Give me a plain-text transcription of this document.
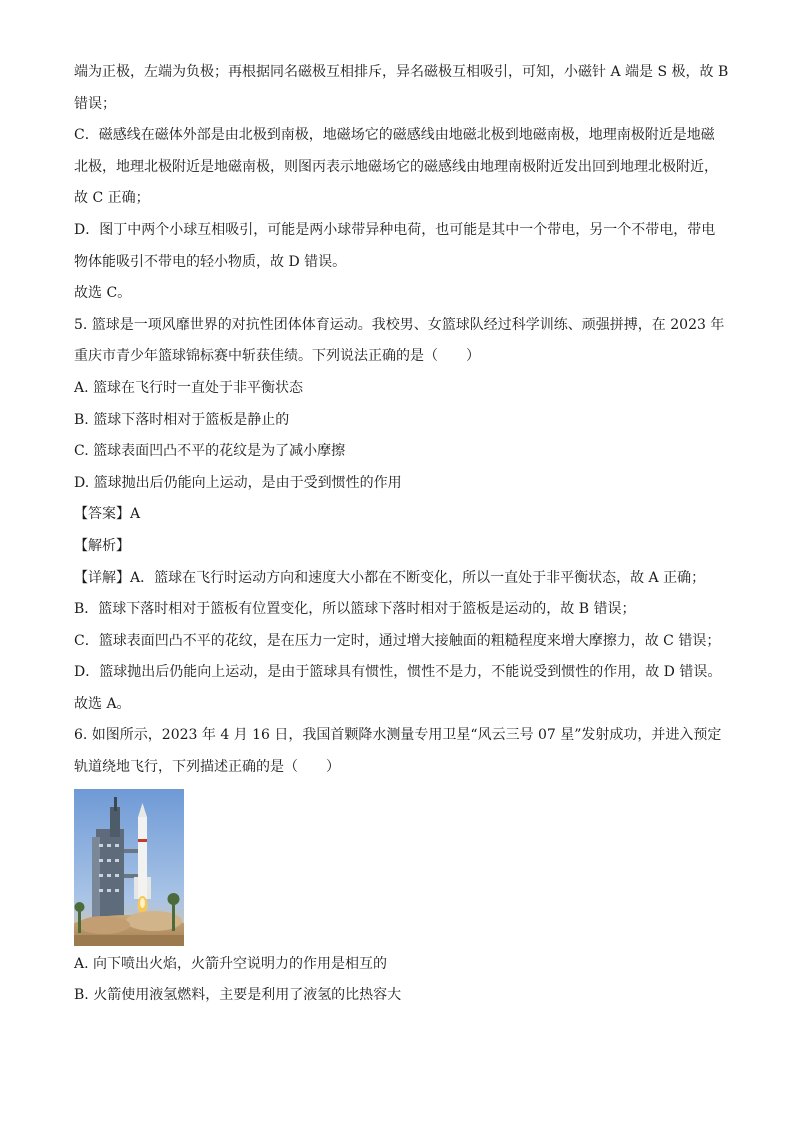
端为正极，左端为负极；再根据同名磁极互相排斥，异名磁极互相吸引，可知，小磁针 A 端是 S 极，故 B
错误；
C．磁感线在磁体外部是由北极到南极，地磁场它的磁感线由地磁北极到地磁南极，地理南极附近是地磁
北极，地理北极附近是地磁南极，则图丙表示地磁场它的磁感线由地理南极附近发出回到地理北极附近，
故 C 正确；
D．图丁中两个小球互相吸引，可能是两小球带异种电荷，也可能是其中一个带电，另一个不带电，带电
物体能吸引不带电的轻小物质，故 D 错误。
故选 C。
5. 篮球是一项风靡世界的对抗性团体体育运动。我校男、女篮球队经过科学训练、顽强拼搏，在 2023 年
重庆市青少年篮球锦标赛中斩获佳绩。下列说法正确的是（　　）
A. 篮球在飞行时一直处于非平衡状态
B. 篮球下落时相对于篮板是静止的
C. 篮球表面凹凸不平的花纹是为了减小摩擦
D. 篮球抛出后仍能向上运动，是由于受到惯性的作用
【答案】A
【解析】
【详解】A．篮球在飞行时运动方向和速度大小都在不断变化，所以一直处于非平衡状态，故 A 正确；
B．篮球下落时相对于篮板有位置变化，所以篮球下落时相对于篮板是运动的，故 B 错误；
C．篮球表面凹凸不平的花纹，是在压力一定时，通过增大接触面的粗糙程度来增大摩擦力，故 C 错误；
D．篮球抛出后仍能向上运动，是由于篮球具有惯性，惯性不是力，不能说受到惯性的作用，故 D 错误。
故选 A。
6. 如图所示，2023 年 4 月 16 日，我国首颗降水测量专用卫星“风云三号 07 星”发射成功，并进入预定
轨道绕地飞行，下列描述正确的是（　　）
A. 向下喷出火焰，火箭升空说明力的作用是相互的
B. 火箭使用液氢燃料，主要是利用了液氢的比热容大
